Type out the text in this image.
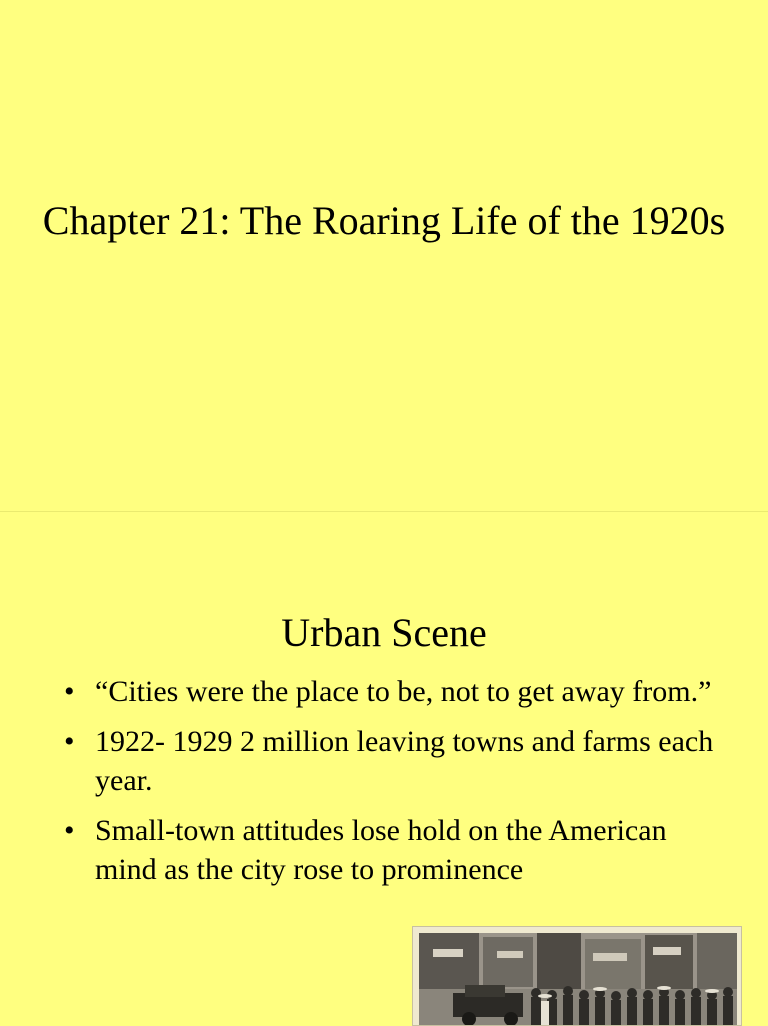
Chapter 21: The Roaring Life of the 1920s
Urban Scene
• “Cities were the place to be, not to get away from.”
• 1922- 1929 2 million leaving towns and farms each year.
• Small-town attitudes lose hold on the American mind as the city rose to prominence
